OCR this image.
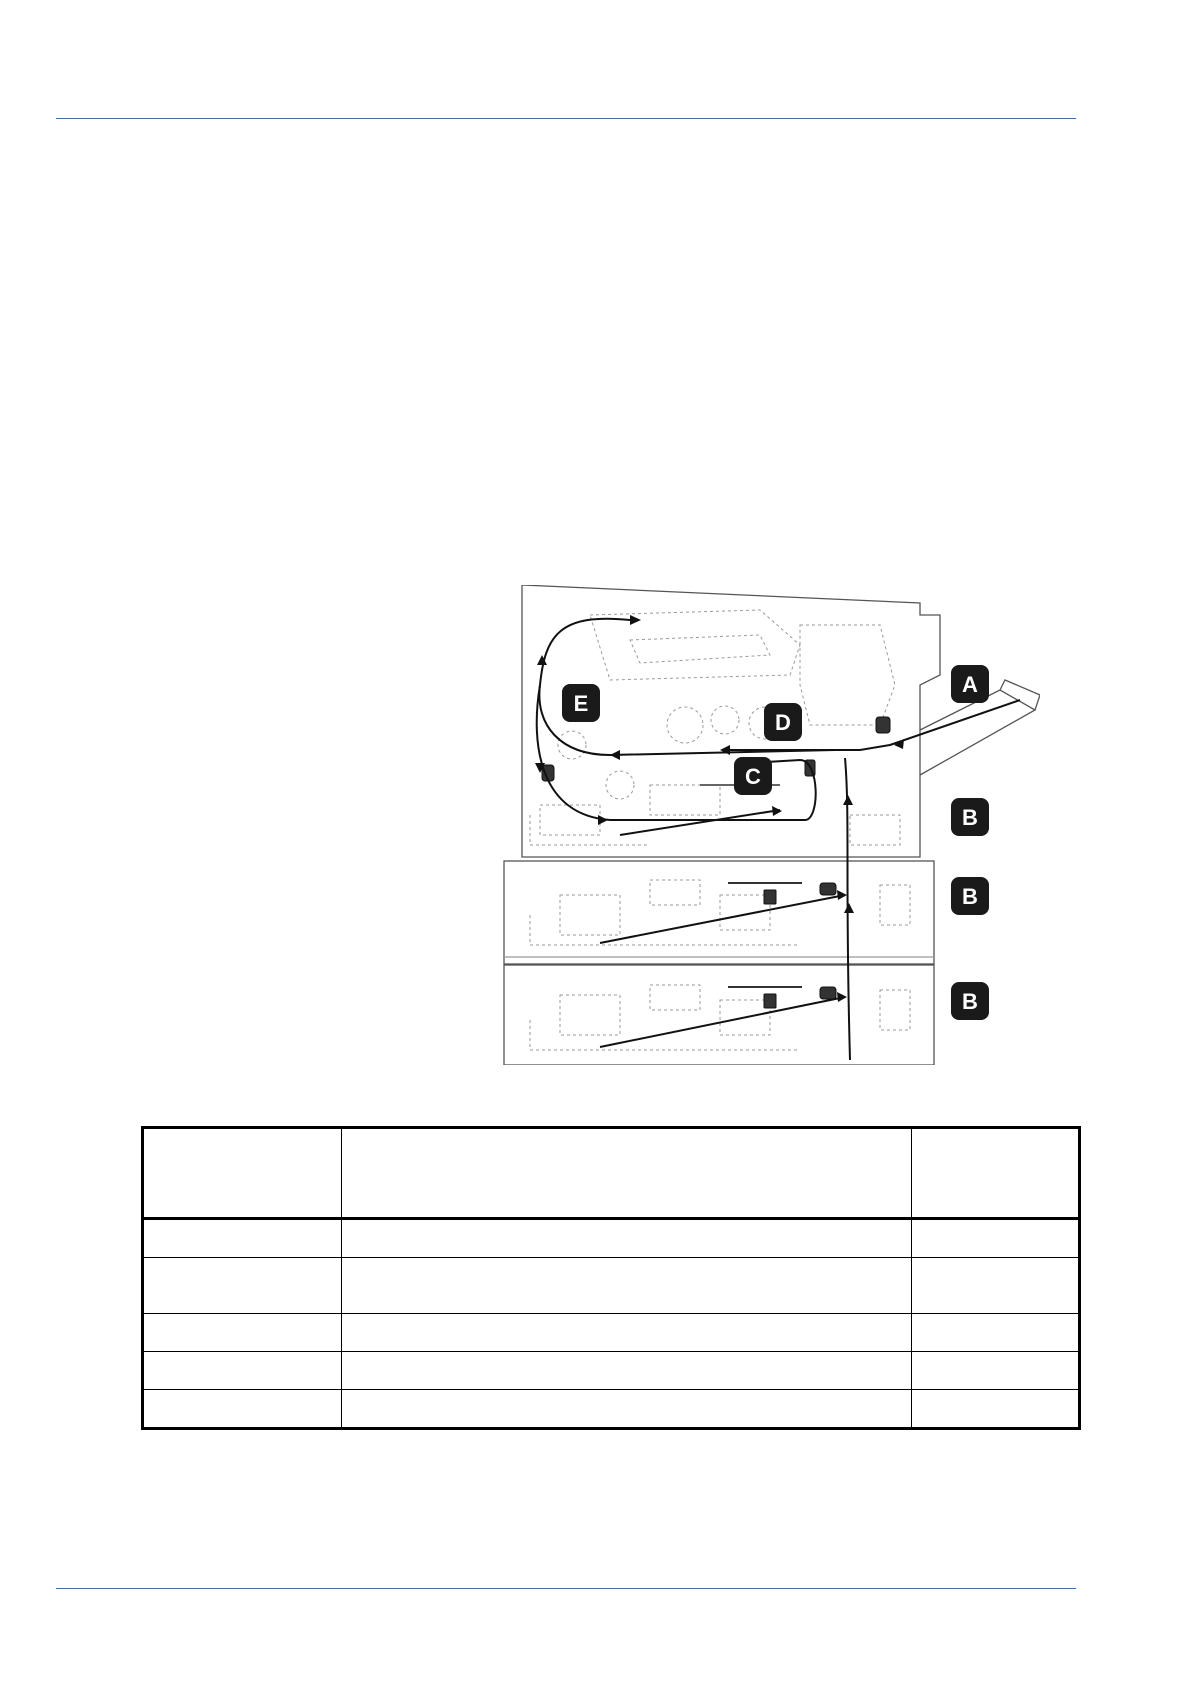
A
B
B
B
C
D
E
